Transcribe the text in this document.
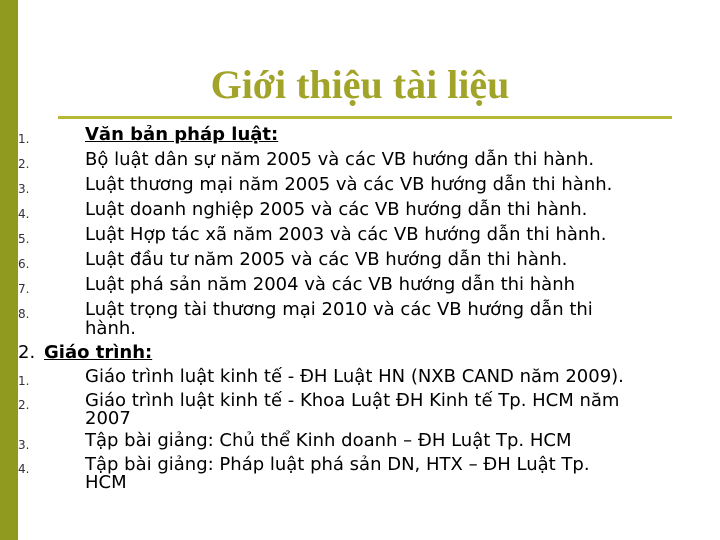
Giới thiệu tài liệu
1.	Văn bản pháp luật:
2.	Bộ luật dân sự năm 2005 và các VB hướng dẫn thi hành.
3.	Luật thương mại năm 2005 và các VB hướng dẫn thi hành.
4.	Luật doanh nghiệp 2005 và các VB hướng dẫn thi hành.
5.	Luật Hợp tác xã năm 2003 và các VB hướng dẫn thi hành.
6.	Luật đầu tư năm 2005 và các VB hướng dẫn thi hành.
7.	Luật phá sản năm 2004 và các VB hướng dẫn thi hành
8.	Luật trọng tài thương mại 2010 và các VB hướng dẫn thi
hành.
2. Giáo trình:
1.	Giáo trình luật kinh tế - ĐH Luật HN (NXB CAND năm 2009).
2.	Giáo trình luật kinh tế - Khoa Luật ĐH Kinh tế Tp. HCM năm
2007
3.	Tập bài giảng: Chủ thể Kinh doanh – ĐH Luật Tp. HCM
4.	Tập bài giảng: Pháp luật phá sản DN, HTX – ĐH Luật Tp.
HCM
